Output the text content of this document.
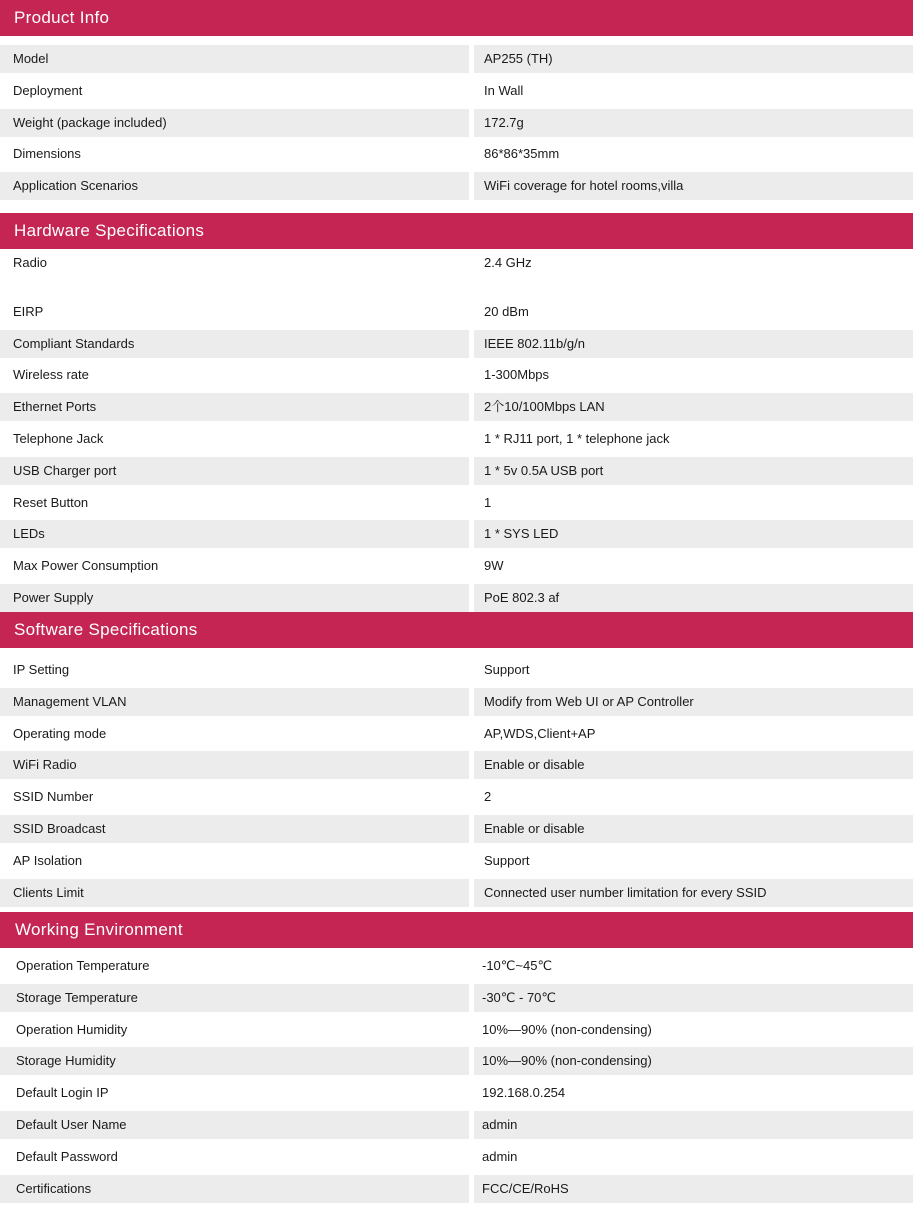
Product Info
Model	AP255 (TH)
Deployment	In Wall
Weight (package included)	172.7g
Dimensions	86*86*35mm
Application Scenarios	WiFi coverage for hotel rooms,villa
Hardware Specifications
Radio	2.4 GHz
EIRP	20 dBm
Compliant Standards	IEEE 802.11b/g/n
Wireless rate	1-300Mbps
Ethernet Ports	2个10/100Mbps LAN
Telephone Jack	1 * RJ11 port, 1 * telephone jack
USB Charger port	1 * 5v 0.5A USB port
Reset Button	1
LEDs	1 * SYS LED
Max Power Consumption	9W
Power Supply	PoE 802.3 af
Software Specifications
IP Setting	Support
Management VLAN	Modify from Web UI or AP Controller
Operating mode	AP,WDS,Client+AP
WiFi Radio	Enable or disable
SSID Number	2
SSID Broadcast	Enable or disable
AP Isolation	Support
Clients Limit	Connected user number limitation for every SSID
Working Environment
Operation Temperature	-10℃~45℃
Storage Temperature	-30℃ - 70℃
Operation Humidity	10%—90% (non-condensing)
Storage Humidity	10%—90% (non-condensing)
Default Login IP	192.168.0.254
Default User Name	admin
Default Password	admin
Certifications	FCC/CE/RoHS
